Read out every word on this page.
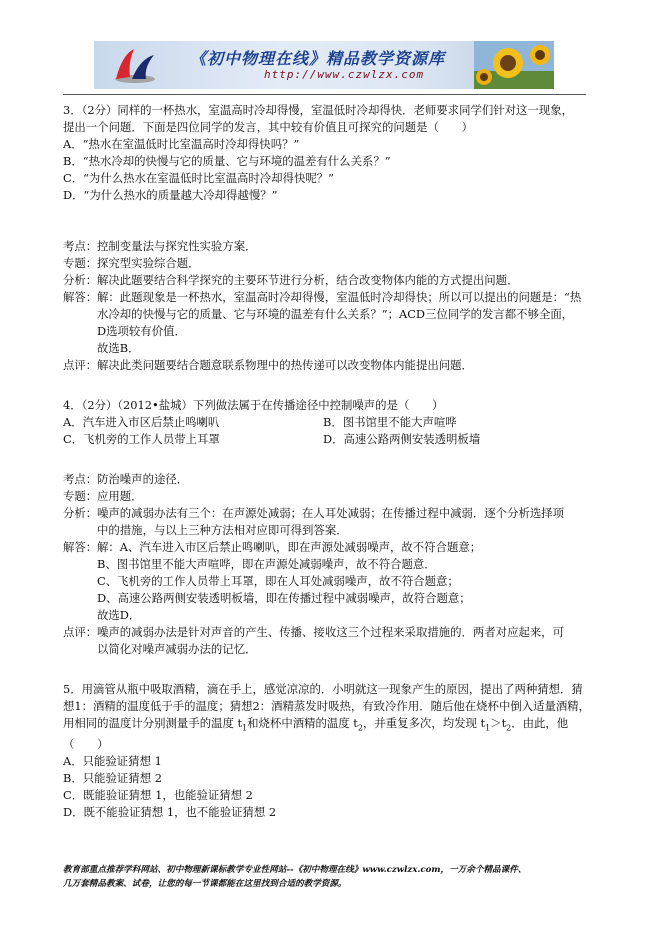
《初中物理在线》精品教学资源库
http://www.czwlzx.com
3．（2分）同样的一杯热水，室温高时冷却得慢，室温低时冷却得快．老师要求同学们针对这一现象，
提出一个问题．下面是四位同学的发言，其中较有价值且可探究的问题是（　　）
A．“热水在室温低时比室温高时冷却得快吗？”
B．“热水冷却的快慢与它的质量、它与环境的温差有什么关系？”
C．“为什么热水在室温低时比室温高时冷却得快呢？”
D．“为什么热水的质量越大冷却得越慢？”
考点：控制变量法与探究性实验方案．
专题：探究型实验综合题．
分析：解决此题要结合科学探究的主要环节进行分析，结合改变物体内能的方式提出问题．
解答：解：此题现象是一杯热水，室温高时冷却得慢，室温低时冷却得快；所以可以提出的问题是：“热
水冷却的快慢与它的质量、它与环境的温差有什么关系？”；ACD三位同学的发言都不够全面，
D选项较有价值．
故选B．
点评：解决此类问题要结合题意联系物理中的热传递可以改变物体内能提出问题．
4．（2分）（2012•盐城）下列做法属于在传播途径中控制噪声的是（　　）
A．汽车进入市区后禁止鸣喇叭	B．图书馆里不能大声喧哗
C．飞机旁的工作人员带上耳罩	D．高速公路两侧安装透明板墙
考点：防治噪声的途径．
专题：应用题．
分析：噪声的减弱办法有三个：在声源处减弱；在人耳处减弱；在传播过程中减弱．逐个分析选择项
中的措施，与以上三种方法相对应即可得到答案．
解答：解：A、汽车进入市区后禁止鸣喇叭，即在声源处减弱噪声，故不符合题意；
B、图书馆里不能大声喧哗，即在声源处减弱噪声，故不符合题意．
C、飞机旁的工作人员带上耳罩，即在人耳处减弱噪声，故不符合题意；
D、高速公路两侧安装透明板墙，即在传播过程中减弱噪声，故符合题意；
故选D．
点评：噪声的减弱办法是针对声音的产生、传播、接收这三个过程来采取措施的．两者对应起来，可
以简化对噪声减弱办法的记忆．
5．用滴管从瓶中吸取酒精，滴在手上，感觉凉凉的．小明就这一现象产生的原因，提出了两种猜想．猜
想1：酒精的温度低于手的温度；猜想2：酒精蒸发时吸热，有致冷作用．随后他在烧杯中倒入适量酒精，
用相同的温度计分别测量手的温度 $t_1$和烧杯中酒精的温度 $t_2$，并重复多次，均发现 $t_1>t_2$．由此，他
（　　）
A．只能验证猜想 1
B．只能验证猜想 2
C．既能验证猜想 1，也能验证猜想 2
D．既不能验证猜想 1，也不能验证猜想 2
教育部重点推荐学科网站、初中物理新课标教学专业性网站--《初中物理在线》www.czwlzx.com，一万余个精品课件、
几万套精品教案、试卷，让您的每一节课都能在这里找到合适的教学资源。
